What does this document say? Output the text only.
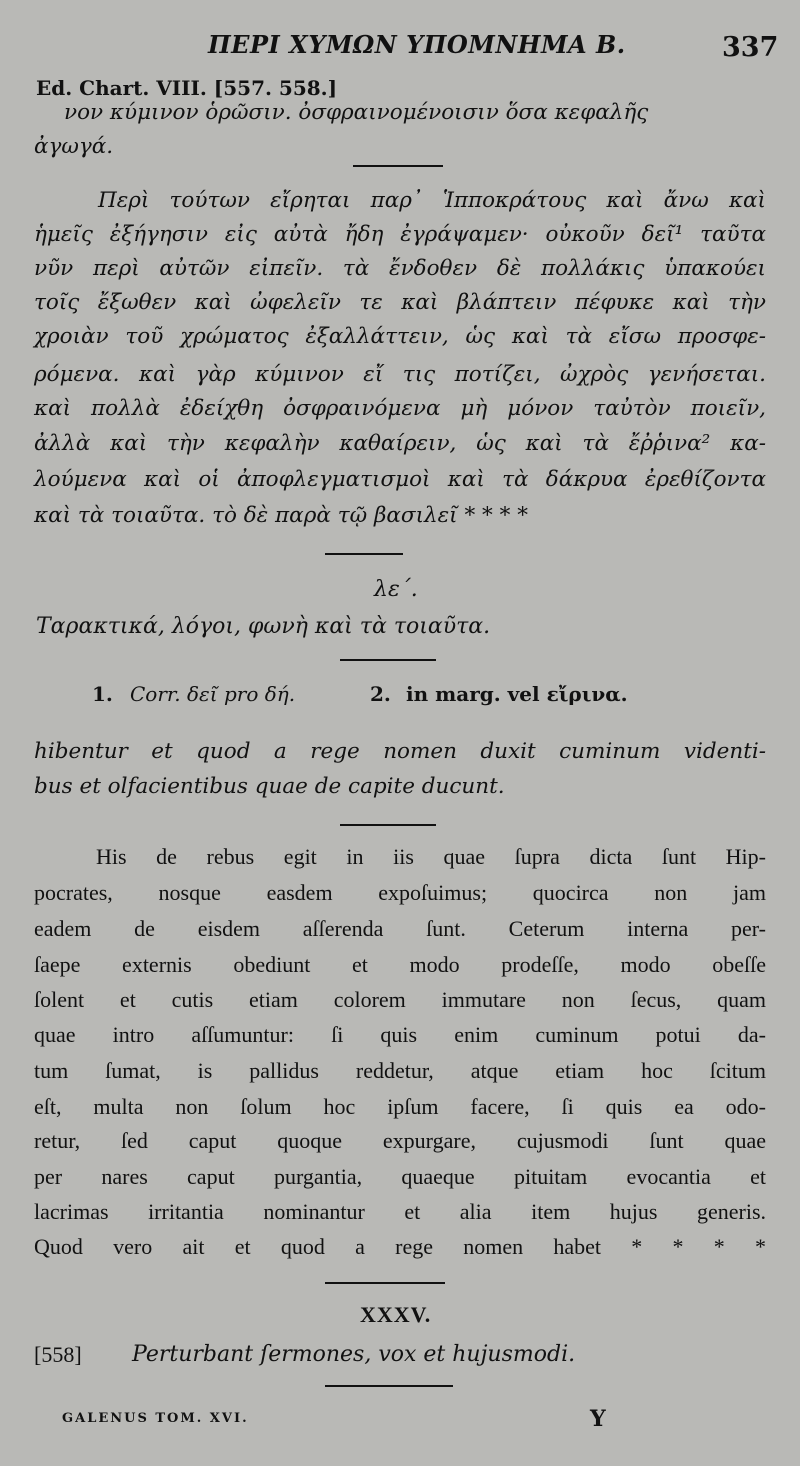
ΠΕΡΙ ΧΥΜΩΝ ΥΠΟΜΝΗΜΑ Β.	337
Ed. Chart. VIII. [557. 558.]
νον κύμινον ὁρῶσιν. ὀσφραινομένοισιν ὅσα κεφαλῆς
ἀγωγά.
Περὶ τούτων εἴρηται παρ᾽ Ἱπποκράτους καὶ ἄνω καὶ
ἡμεῖς ἐξήγησιν εἰς αὐτὰ ἤδη ἐγράψαμεν· οὐκοῦν δεῖ¹ ταῦτα
νῦν περὶ αὐτῶν εἰπεῖν. τὰ ἔνδοθεν δὲ πολλάκις ὑπακούει
τοῖς ἔξωθεν καὶ ὠφελεῖν τε καὶ βλάπτειν πέφυκε καὶ τὴν
χροιὰν τοῦ χρώματος ἐξαλλάττειν, ὡς καὶ τὰ εἴσω προσφε-
ρόμενα. καὶ γὰρ κύμινον εἴ τις ποτίζει, ὠχρὸς γενήσεται.
καὶ πολλὰ ἐδείχθη ὀσφραινόμενα μὴ μόνον ταὐτὸν ποιεῖν,
ἀλλὰ καὶ τὴν κεφαλὴν καθαίρειν, ὡς καὶ τὰ ἔῤῥινα² κα-
λούμενα καὶ οἱ ἀποφλεγματισμοὶ καὶ τὰ δάκρυα ἐρεθίζοντα
καὶ τὰ τοιαῦτα. τὸ δὲ παρὰ τῷ βασιλεῖ * * * *
λε΄.
Ταρακτικά, λόγοι, φωνὴ καὶ τὰ τοιαῦτα.
1. Corr. δεῖ pro δή.	2. in marg. vel εἴρινα.
hibentur et quod a rege nomen duxit cuminum videnti-
bus et olfacientibus quae de capite ducunt.
His de rebus egit in iis quae ſupra dicta ſunt Hip-
pocrates, nosque easdem expoſuimus; quocirca non jam
eadem de eisdem aſſerenda ſunt. Ceterum interna per-
ſaepe externis obediunt et modo prodeſſe, modo obeſſe
ſolent et cutis etiam colorem immutare non ſecus, quam
quae intro aſſumuntur: ſi quis enim cuminum potui da-
tum ſumat, is pallidus reddetur, atque etiam hoc ſcitum
eſt, multa non ſolum hoc ipſum facere, ſi quis ea odo-
retur, ſed caput quoque expurgare, cujusmodi ſunt quae
per nares caput purgantia, quaeque pituitam evocantia et
lacrimas irritantia nominantur et alia item hujus generis.
Quod vero ait et quod a rege nomen habet * * * *
XXXV.
[558] Perturbant ſermones, vox et hujusmodi.
GALENUS TOM. XVI.	Y
